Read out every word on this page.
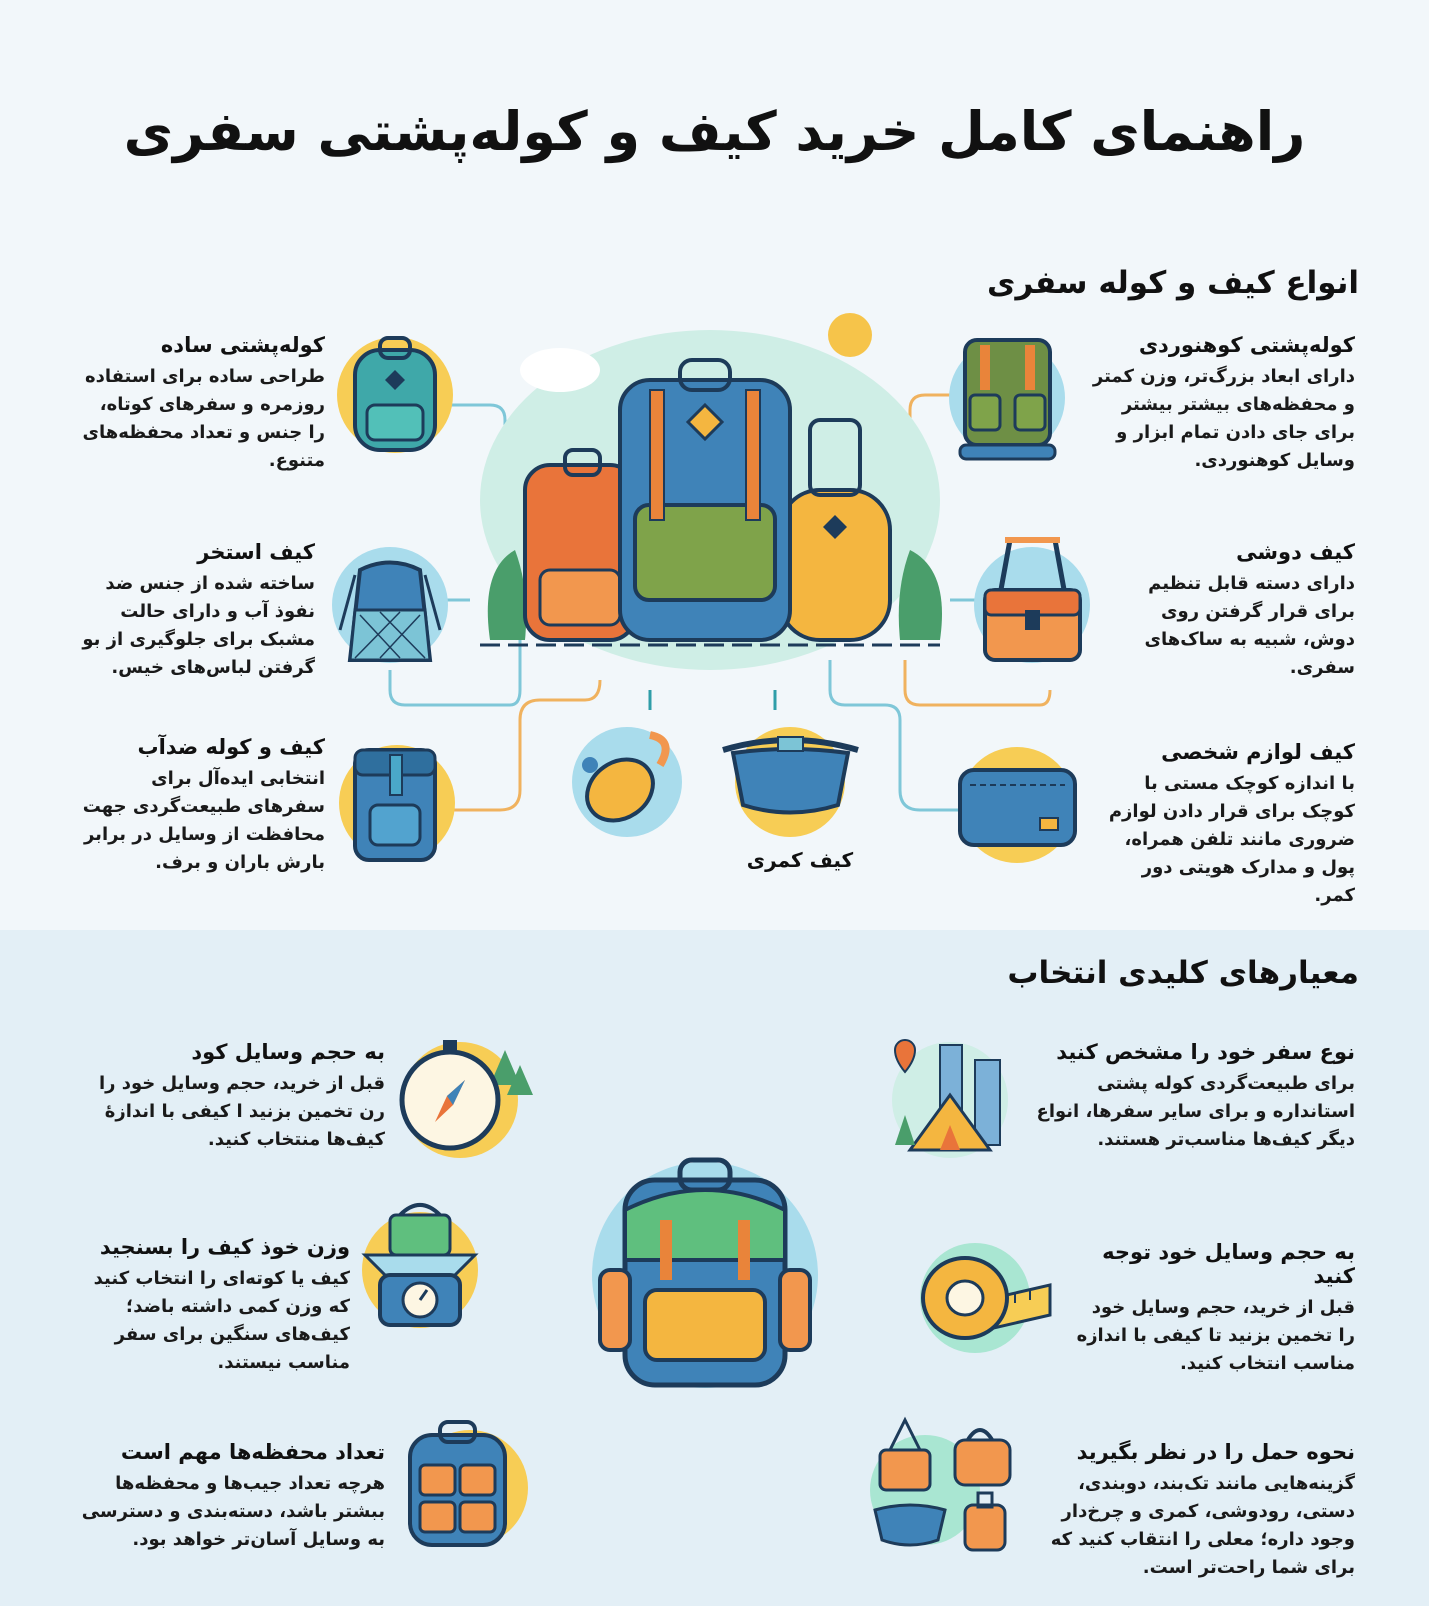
راهنمای کامل خرید کیف و کوله‌پشتی سفری
انواع کیف و کوله سفری
کوله‌پشتی ساده
طراحی ساده برای استفاده روزمره و سفرهای کوتاه، را جنس و تعداد محفظه‌های متنوع.
کوله‌پشتی کوهنوردی
دارای ابعاد بزرگ‌تر، وزن کمتر و محفظه‌های بیشتر بیشتر برای جای دادن تمام ابزار و وسایل کوهنوردی.
کیف استخر
ساخته شده از جنس ضد نفوذ آب و دارای حالت مشبک برای جلوگیری از بو گرفتن لباس‌های خیس.
کیف دوشی
دارای دسته قابل تنظیم برای قرار گرفتن روی دوش، شبیه به ساک‌های سفری.
کیف و کوله ضدآب
انتخابی ایده‌آل برای سفرهای طبیعت‌گردی جهت محافظت از وسایل در برابر بارش باران و برف.
کیف لوازم شخصی
با اندازه کوچک مستی با کوچک برای قرار دادن لوازم ضروری مانند تلفن همراه، پول و مدارک هویتی دور کمر.
کیف کمری
معیارهای کلیدی انتخاب
به حجم وسایل کود
قبل از خرید، حجم وسایل خود را رن تخمین بزنید ا کیفی با اندازهٔ کیف‌ها منتخاب کنید.
نوع سفر خود را مشخص کنید
برای طبیعت‌گردی کوله پشتی استانداره و برای سایر سفرها، انواع دیگر کیف‌ها مناسب‌تر هستند.
وزن خوذ کیف را بسنجید
کیف یا کوته‌ای را انتخاب کنید که وزن کمی داشته باضد؛ کیف‌های سنگین برای سفر مناسب نیستند.
به حجم وسایل خود توجه کنید
قبل از خرید، حجم وسایل خود را تخمین بزنید تا کیفی با اندازه مناسب انتخاب کنید.
تعداد محفظه‌ها مهم است
هرچه تعداد جیب‌ها و محفظه‌ها ببشتر باشد، دسته‌بندی و دسترسی به وسایل آسان‌تر خواهد بود.
نحوه حمل را در نظر بگیرید
گزینه‌هایی مانند تک‌بند، دوبندی، دستی، رودوشی، کمری و چرخ‌دار وجود داره؛ معلی را انتقاب کنید که برای شما راحت‌تر است.
